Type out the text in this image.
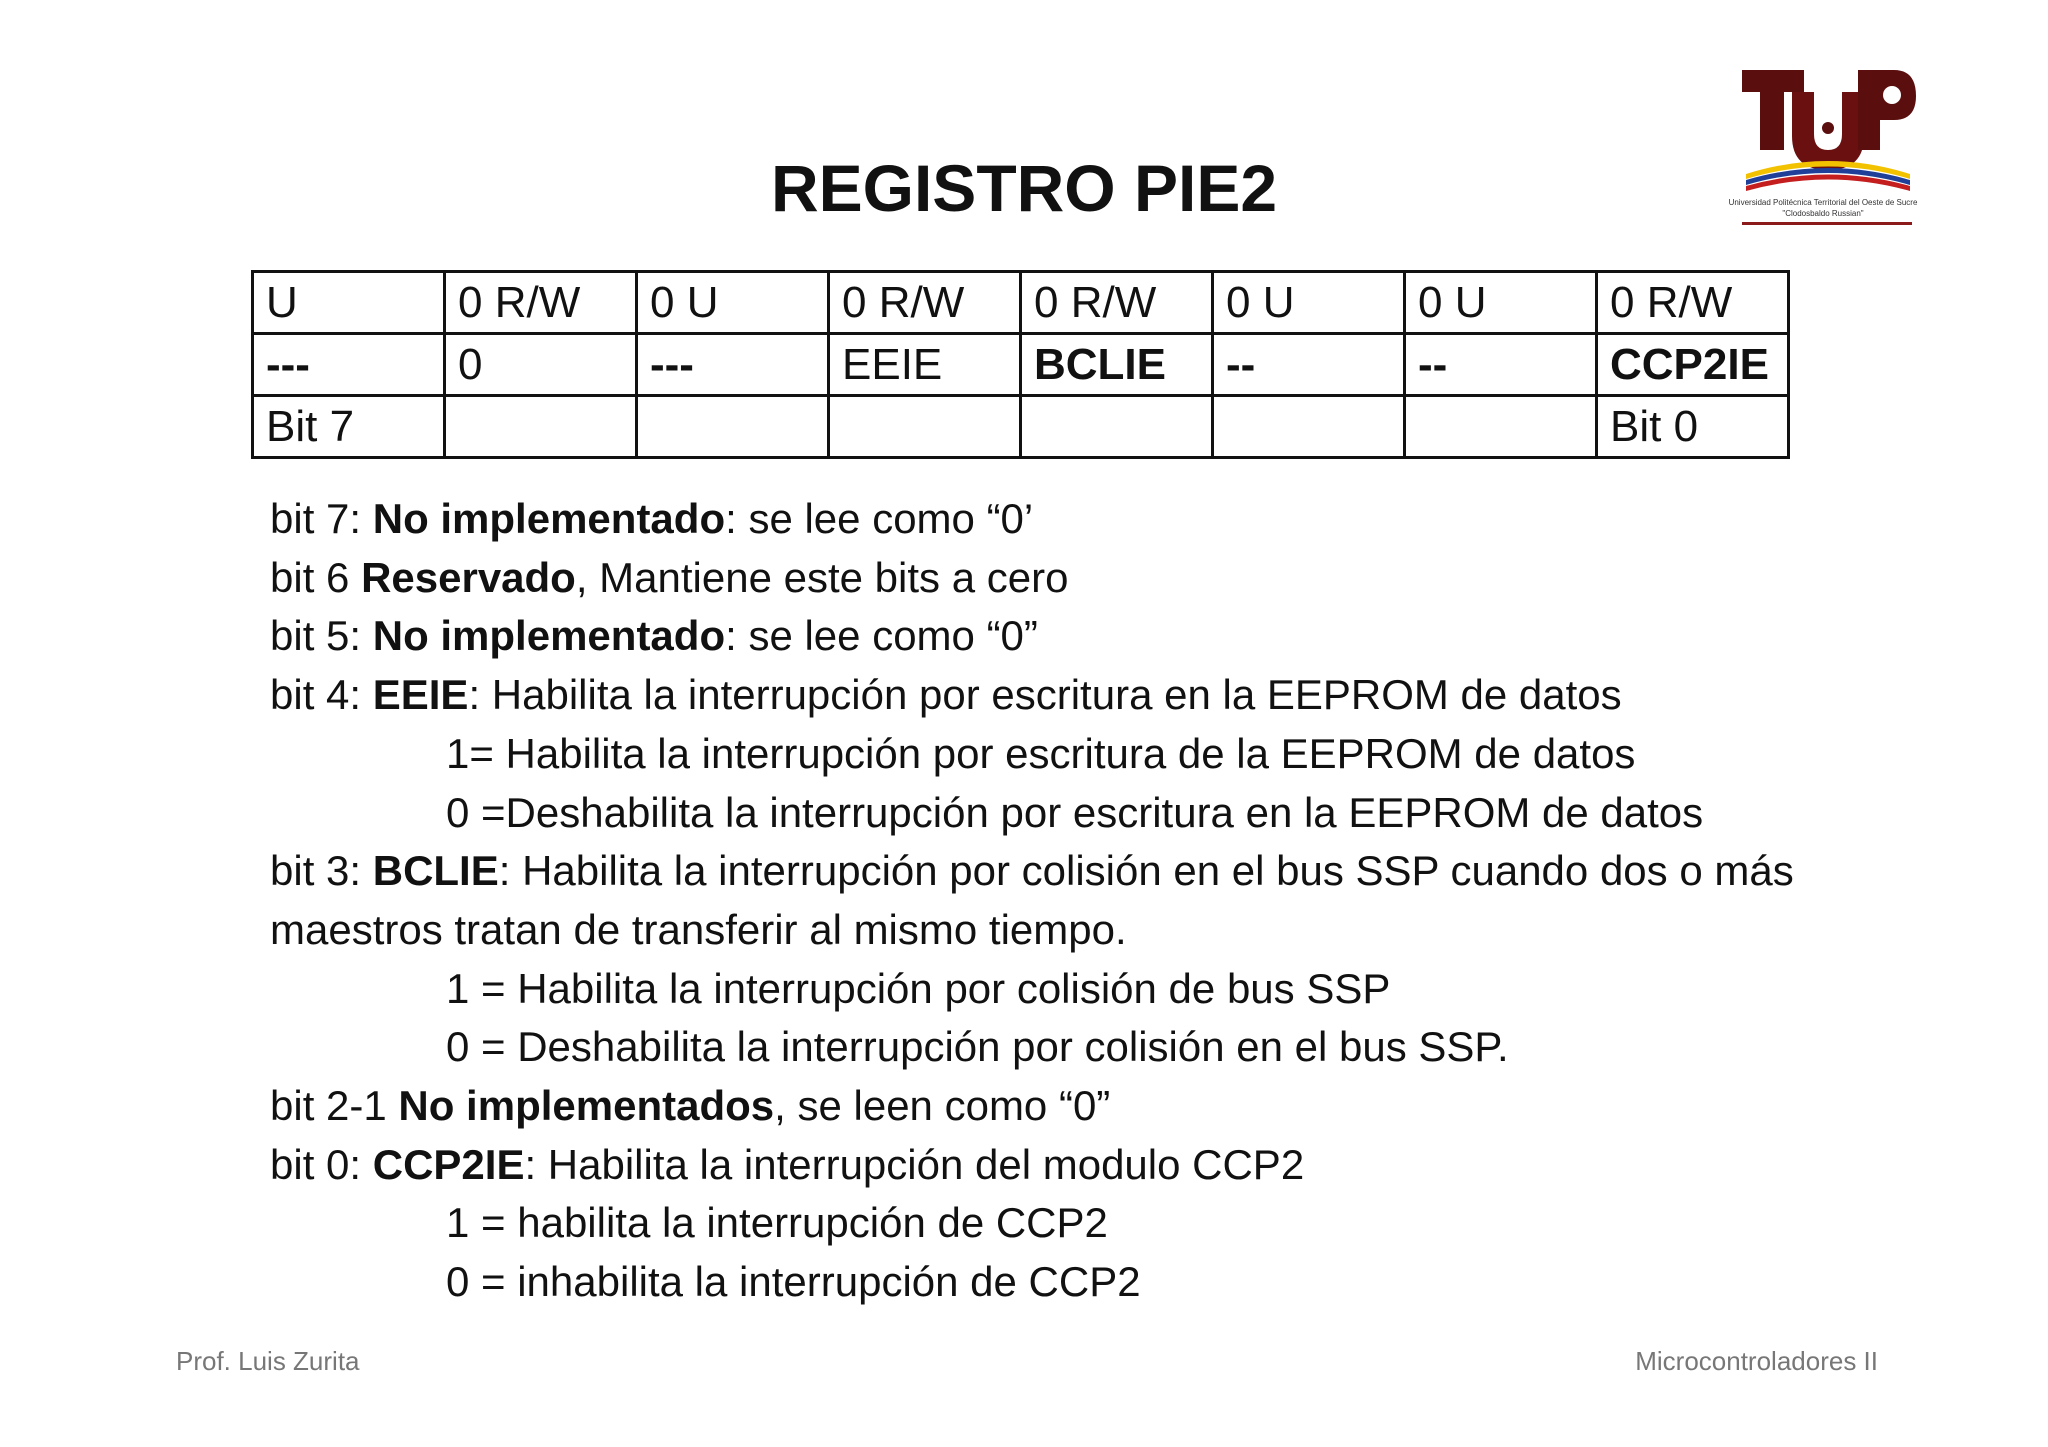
REGISTRO PIE2	Universidad Politécnica Territorial del Oeste de Sucre
"Clodosbaldo Russian"
U	0 R/W	0 U	0 R/W	0 R/W	0 U	0 U	0 R/W
---	0	---	EEIE	BCLIE	--	--	CCP2IE
Bit 7							Bit 0
bit 7: No implementado: se lee como “0’
bit 6 Reservado, Mantiene este bits a cero
bit 5: No implementado: se lee como “0”
bit 4: EEIE: Habilita la interrupción por escritura en la EEPROM de datos
1= Habilita la interrupción por escritura de la EEPROM de datos
0 =Deshabilita la interrupción por escritura en la EEPROM de datos
bit 3: BCLIE: Habilita la interrupción por colisión en el bus SSP cuando dos o más
maestros tratan de transferir al mismo tiempo.
1 = Habilita la interrupción por colisión de bus SSP
0 = Deshabilita la interrupción por colisión en el bus SSP.
bit 2-1 No implementados, se leen como “0”
bit 0: CCP2IE: Habilita la interrupción del modulo CCP2
1 = habilita la interrupción de CCP2
0 = inhabilita la interrupción de CCP2
Prof. Luis Zurita	Microcontroladores II
